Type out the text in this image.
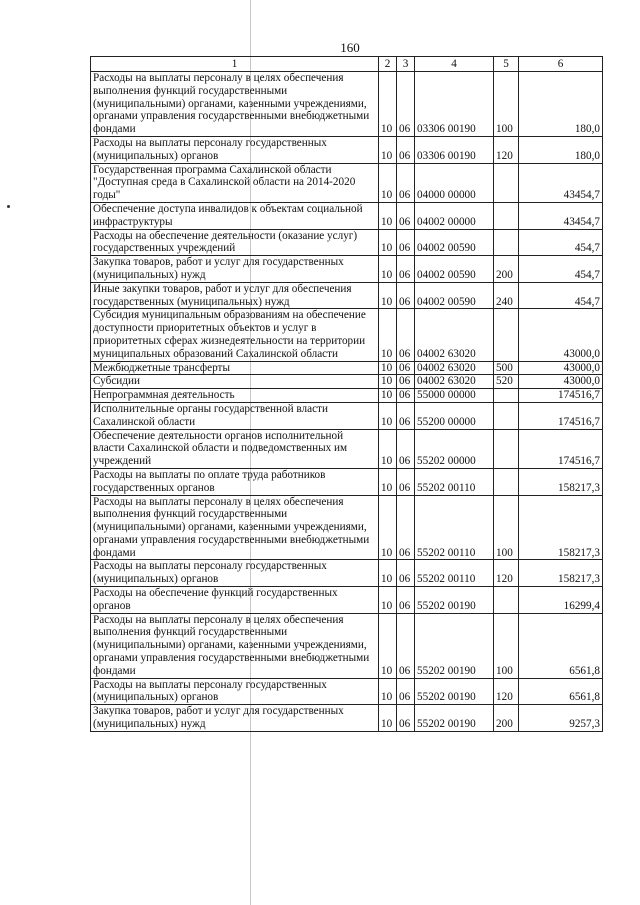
160
1	2	3	4	5	6
Расходы на выплаты персоналу в целях обеспечения выполнения функций государственными (муниципальными) органами, казенными учреждениями, органами управления государственными внебюджетными фондами	10	06	03306 00190	100	180,0
Расходы на выплаты персоналу государственных (муниципальных) органов	10	06	03306 00190	120	180,0
Государственная программа Сахалинской области "Доступная среда в Сахалинской области на 2014-2020 годы"	10	06	04000 00000		43454,7
Обеспечение доступа инвалидов к объектам социальной инфраструктуры	10	06	04002 00000		43454,7
Расходы на обеспечение деятельности (оказание услуг) государственных учреждений	10	06	04002 00590		454,7
Закупка товаров, работ и услуг для государственных (муниципальных) нужд	10	06	04002 00590	200	454,7
Иные закупки товаров, работ и услуг для обеспечения государственных (муниципальных) нужд	10	06	04002 00590	240	454,7
Субсидия муниципальным образованиям на обеспечение доступности приоритетных объектов и услуг в приоритетных сферах жизнедеятельности на территории муниципальных образований Сахалинской области	10	06	04002 63020		43000,0
Межбюджетные трансферты	10	06	04002 63020	500	43000,0
Субсидии	10	06	04002 63020	520	43000,0
Непрограммная деятельность	10	06	55000 00000		174516,7
Исполнительные органы государственной власти Сахалинской области	10	06	55200 00000		174516,7
Обеспечение деятельности органов исполнительной власти Сахалинской области и подведомственных им учреждений	10	06	55202 00000		174516,7
Расходы на выплаты по оплате труда работников государственных органов	10	06	55202 00110		158217,3
Расходы на выплаты персоналу в целях обеспечения выполнения функций государственными (муниципальными) органами, казенными учреждениями, органами управления государственными внебюджетными фондами	10	06	55202 00110	100	158217,3
Расходы на выплаты персоналу государственных (муниципальных) органов	10	06	55202 00110	120	158217,3
Расходы на обеспечение функций государственных органов	10	06	55202 00190		16299,4
Расходы на выплаты персоналу в целях обеспечения выполнения функций государственными (муниципальными) органами, казенными учреждениями, органами управления государственными внебюджетными фондами	10	06	55202 00190	100	6561,8
Расходы на выплаты персоналу государственных (муниципальных) органов	10	06	55202 00190	120	6561,8
Закупка товаров, работ и услуг для государственных (муниципальных) нужд	10	06	55202 00190	200	9257,3
